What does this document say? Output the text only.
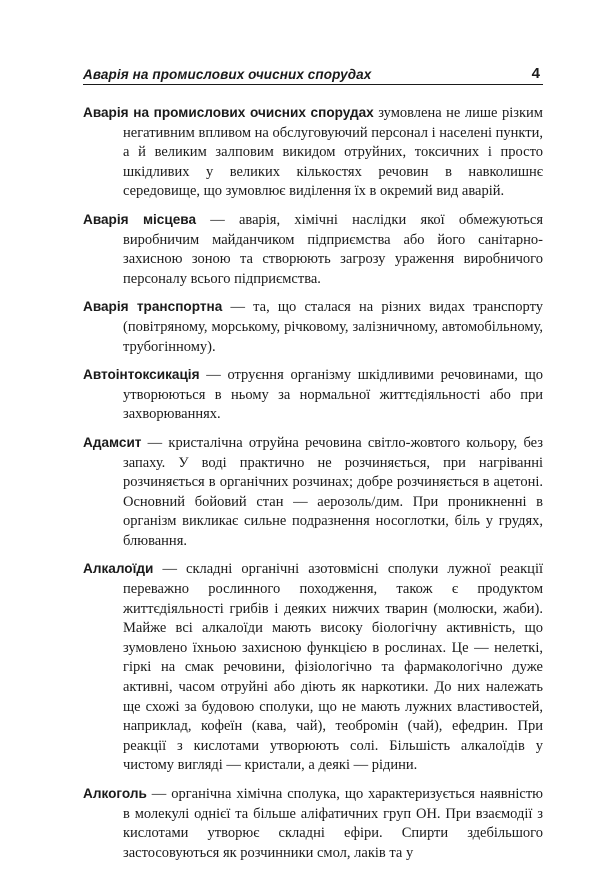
Аварія на промислових очисних спорудах	4

Аварія на промислових очисних спорудах зумовлена не лише різким негативним впливом на обслуговуючий персонал і населені пункти, а й великим залповим викидом отруйних, токсичних і просто шкідливих у великих кількостях речовин в навколишнє середовище, що зумовлює виділення їх в окремий вид аварій.

Аварія місцева — аварія, хімічні наслідки якої обмежуються виробничим майданчиком підприємства або його санітарно-захисною зоною та створюють загрозу ураження виробничого персоналу всього підприємства.

Аварія транспортна — та, що сталася на різних видах транспорту (повітряному, морському, річковому, залізничному, автомобільному, трубогінному).

Автоінтоксикація — отруєння організму шкідливими речовинами, що утворюються в ньому за нормальної життєдіяльності або при захворюваннях.

Адамсит — кристалічна отруйна речовина світло-жовтого кольору, без запаху. У воді практично не розчиняється, при нагріванні розчиняється в органічних розчинах; добре розчиняється в ацетоні. Основний бойовий стан — аерозоль/дим. При проникненні в організм викликає сильне подразнення носоглотки, біль у грудях, блювання.

Алкалоїди — складні органічні азотовмісні сполуки лужної реакції переважно рослинного походження, також є продуктом життєдіяльності грибів і деяких нижчих тварин (молюски, жаби). Майже всі алкалоїди мають високу біологічну активність, що зумовлено їхньою захисною функцією в рослинах. Це — нелеткі, гіркі на смак речовини, фізіологічно та фармакологічно дуже активні, часом отруйні або діють як наркотики. До них належать ще схожі за будовою сполуки, що не мають лужних властивостей, наприклад, кофеїн (кава, чай), теобромін (чай), ефедрин. При реакції з кислотами утворюють солі. Більшість алкалоїдів у чистому вигляді — кристали, а деякі — рідини.

Алкоголь — органічна хімічна сполука, що характеризується наявністю в молекулі однієї та більше аліфатичних груп OH. При взаємодії з кислотами утворює складні ефіри. Спирти здебільшого застосовуються як розчинники смол, лаків та у
